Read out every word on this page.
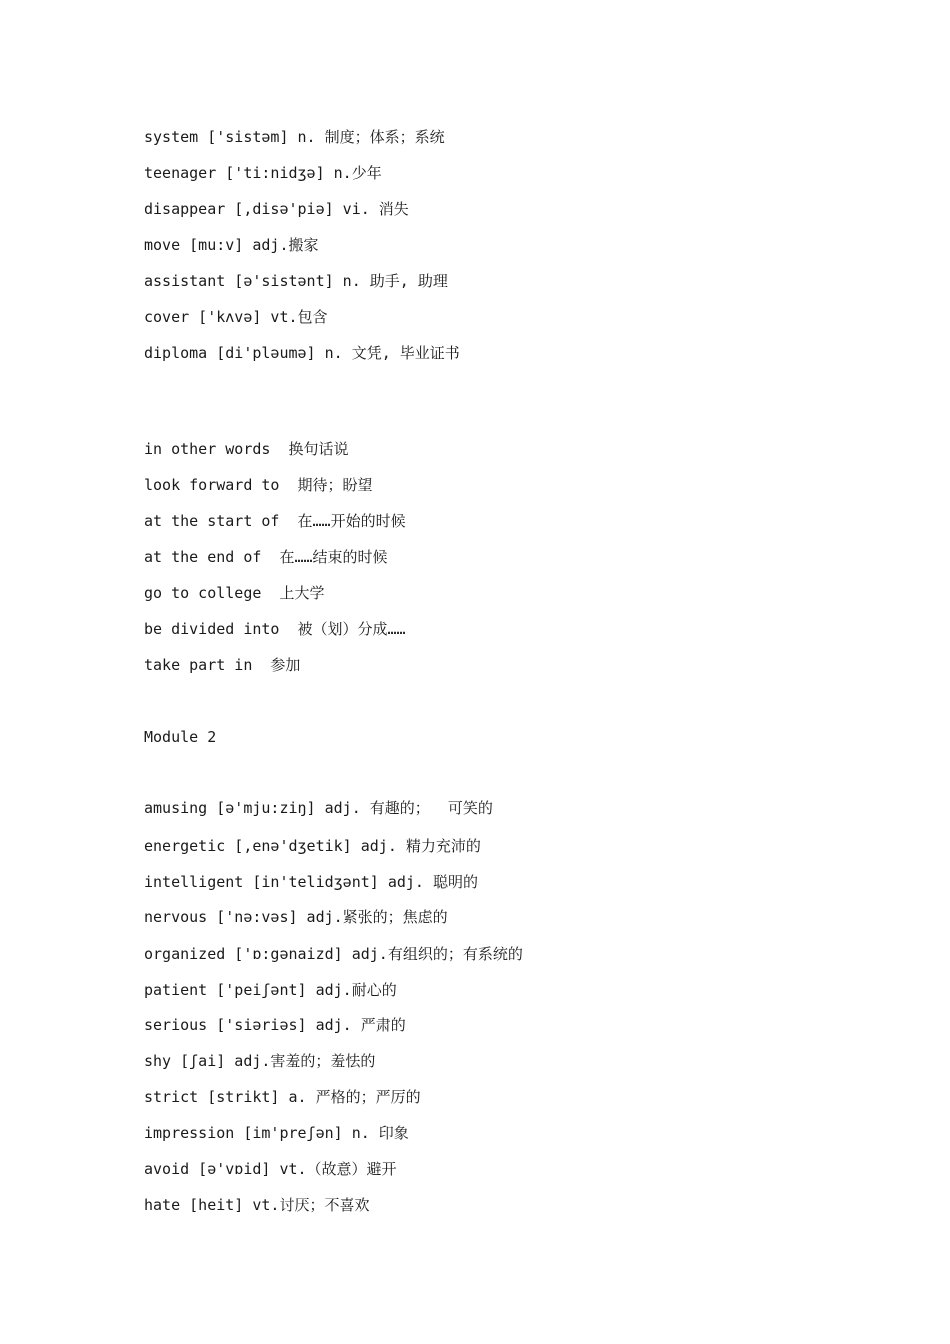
system ['sistəm] n. 制度；体系；系统
teenager ['ti:nidʒə] n.少年
disappear [,disə'piə] vi. 消失
move [mu:v] adj.搬家
assistant [ə'sistənt] n. 助手, 助理
cover ['kʌvə] vt.包含
diploma [di'pləumə] n. 文凭, 毕业证书
in other words  换句话说
look forward to  期待；盼望
at the start of  在……开始的时候
at the end of  在……结束的时候
go to college  上大学
be divided into  被（划）分成……
take part in  参加
Module 2
amusing [ə'mju:ziŋ] adj. 有趣的；  可笑的
energetic [,enə'dʒetik] adj. 精力充沛的
intelligent [in'telidʒənt] adj. 聪明的
nervous ['nə:vəs] adj.紧张的；焦虑的
organized ['ɒ:gənaizd] adj.有组织的；有系统的
patient ['peiʃənt] adj.耐心的
serious ['siəriəs] adj. 严肃的
shy [ʃai] adj.害羞的；羞怯的
strict [strikt] a. 严格的；严厉的
impression [im'preʃən] n. 印象
avoid [ə'vɒid] vt.（故意）避开
hate [heit] vt.讨厌；不喜欢
